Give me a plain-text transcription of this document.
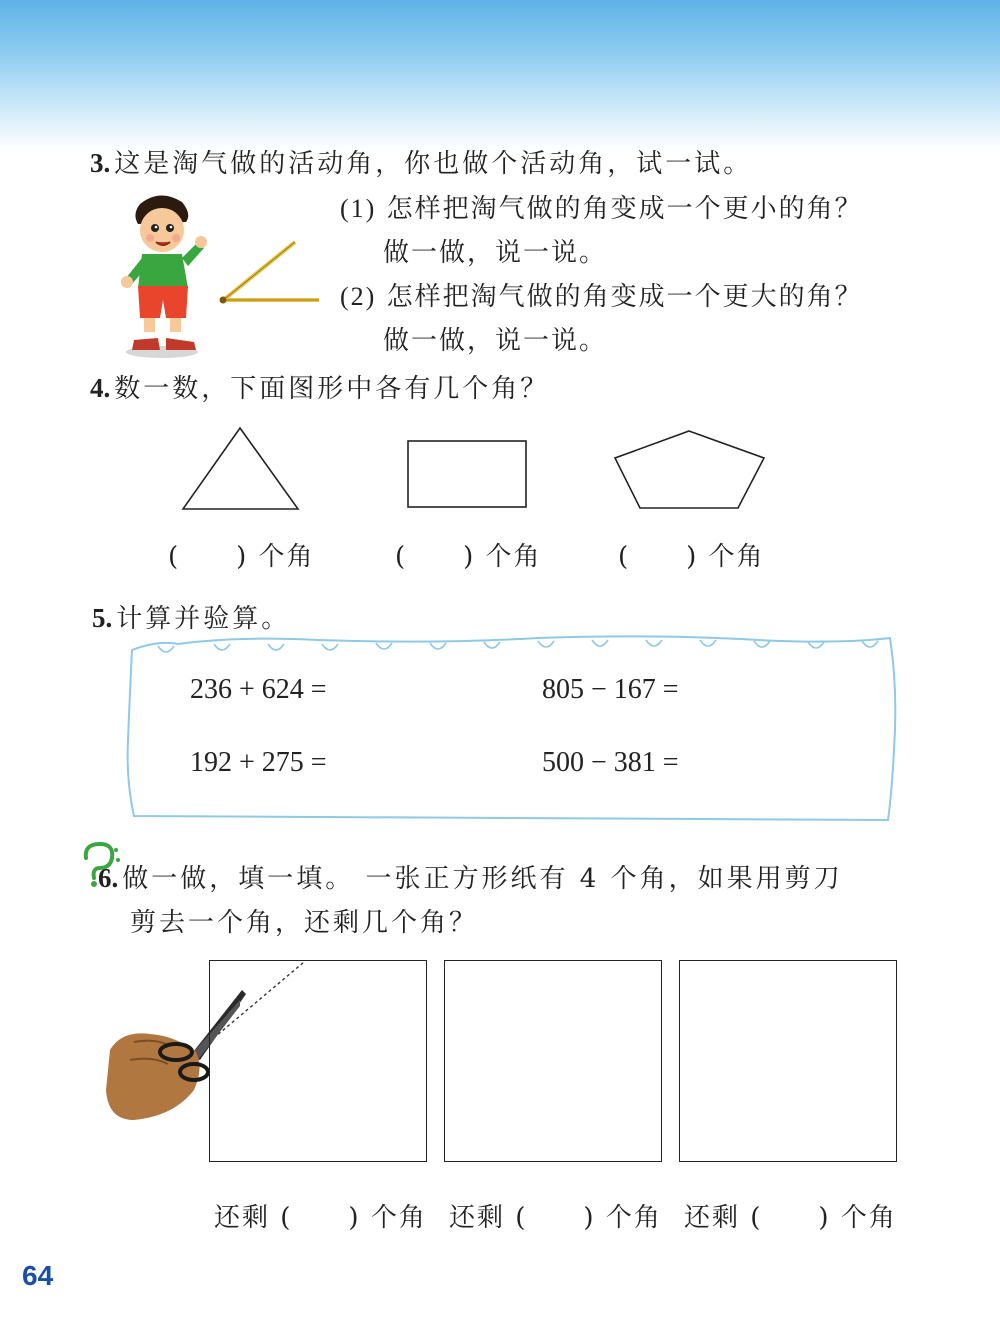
3. 这是淘气做的活动角，你也做个活动角，试一试。
(1) 怎样把淘气做的角变成一个更小的角？
做一做，说一说。
(2) 怎样把淘气做的角变成一个更大的角？
做一做，说一说。
4. 数一数，下面图形中各有几个角？
(　　) 个角	(　　) 个角	(　　) 个角
5. 计算并验算。
236 + 624 =	805 − 167 =
192 + 275 =	500 − 381 =
6. 做一做，填一填。 一张正方形纸有 4 个角，如果用剪刀
剪去一个角，还剩几个角？
还剩 (　　) 个角 还剩 (　　) 个角 还剩 (　　) 个角
64
